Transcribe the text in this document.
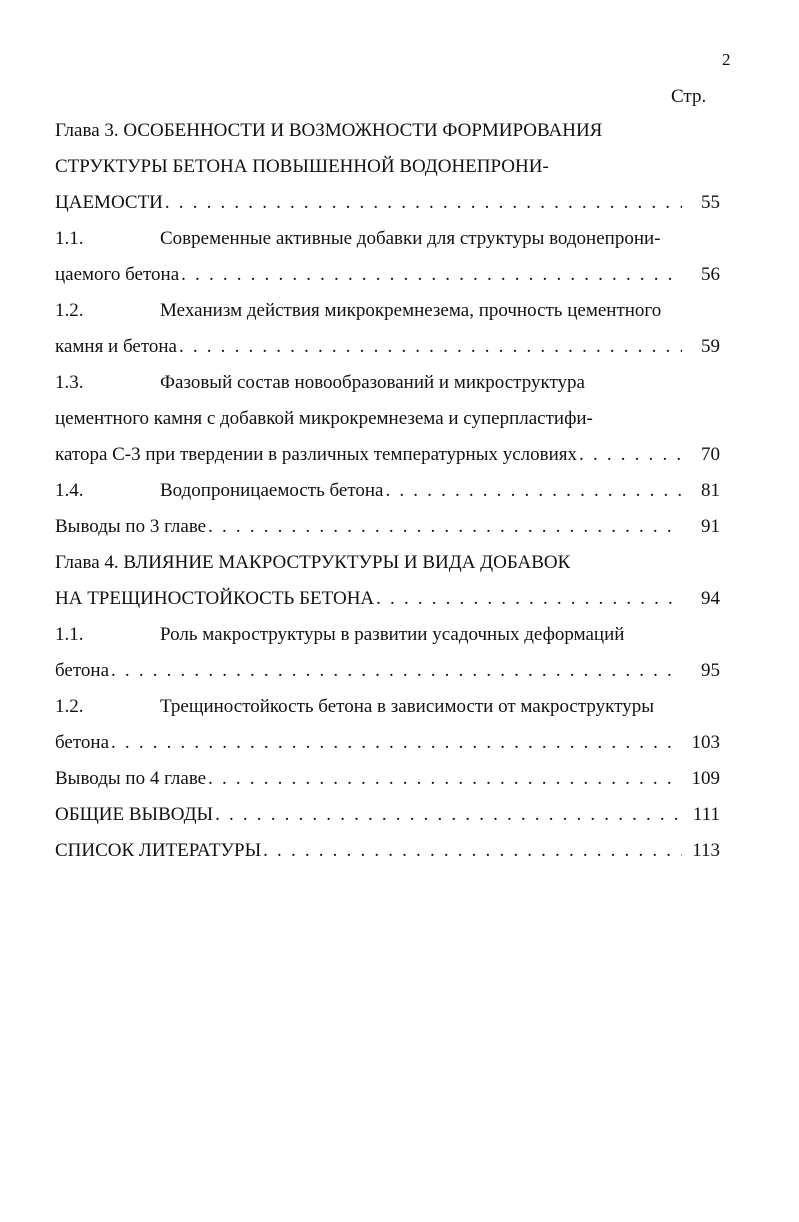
2
Стр.
Глава 3. ОСОБЕННОСТИ И ВОЗМОЖНОСТИ ФОРМИРОВАНИЯ
СТРУКТУРЫ БЕТОНА ПОВЫШЕННОЙ ВОДОНЕПРОНИ-
ЦАЕМОСТИ . . .	55
1.1.	Современные активные добавки для структуры водонепрони-
цаемого бетона . . .	56
1.2.	Механизм действия микрокремнезема, прочность цементного
камня и бетона . . .	59
1.3.	Фазовый состав новообразований и микроструктура
цементного камня с добавкой микрокремнезема и суперпластифи-
катора С-3 при твердении в различных температурных условиях . . .	70
1.4.	Водопроницаемость бетона . . .	81
Выводы по 3 главе . . .	91
Глава 4. ВЛИЯНИЕ МАКРОСТРУКТУРЫ И ВИДА ДОБАВОК
НА ТРЕЩИНОСТОЙКОСТЬ БЕТОНА . . .	94
1.1.	Роль макроструктуры в развитии усадочных деформаций
бетона . . .	95
1.2.	Трещиностойкость бетона в зависимости от макроструктуры
бетона . . .	103
Выводы по 4 главе . . .	109
ОБЩИЕ ВЫВОДЫ . . .	111
СПИСОК ЛИТЕРАТУРЫ . . .	113
